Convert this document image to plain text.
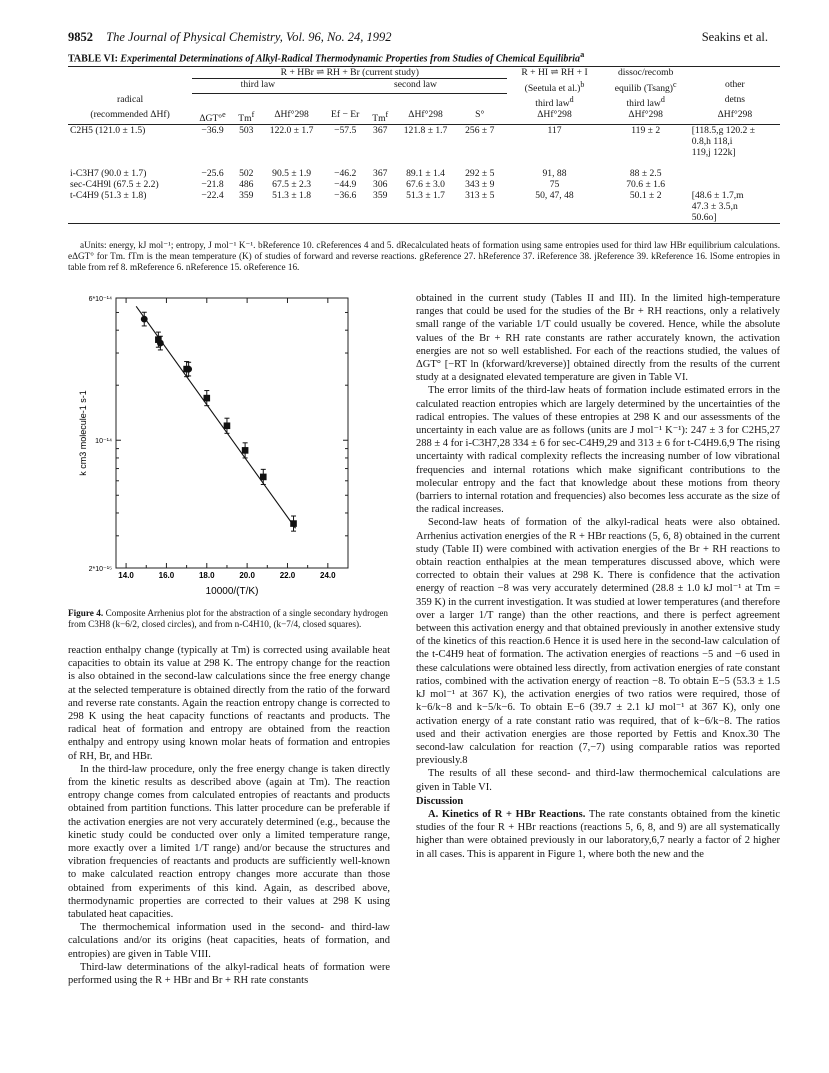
9852 The Journal of Physical Chemistry, Vol. 96, No. 24, 1992	Seakins et al.
TABLE VI: Experimental Determinations of Alkyl-Radical Thermodynamic Properties from Studies of Chemical Equilibria$^a$
	R + HBr ⇌ RH + Br (current study)								R + HI ⇌ RH + I	dissoc/recomb	
	third law			second law					(Seetula et al.)$^b$	equilib (Tsang)$^c$	other
radical									third law$^d$	third law$^d$	detns
(recommended ΔHf)	ΔGT°$^e$	Tm$^f$	ΔHf°298	Ef − Er	Tm$^f$	ΔHf°298	S°		ΔHf°298	ΔHf°298	ΔHf°298
C2H5 (121.0 ± 1.5)	−36.9	503	122.0 ± 1.7	−57.5	367	121.8 ± 1.7	256 ± 7		117	119 ± 2	[118.5,g 120.2 ±
0.8,h 118,i
119,j 122k]

i-C3H7 (90.0 ± 1.7)	−25.6	502	90.5 ± 1.9	−46.2	367	89.1 ± 1.4	292 ± 5		91, 88	88 ± 2.5	
sec-C4H9l (67.5 ± 2.2)	−21.8	486	67.5 ± 2.3	−44.9	306	67.6 ± 3.0	343 ± 9		75	70.6 ± 1.6	
t-C4H9 (51.3 ± 1.8)	−22.4	359	51.3 ± 1.8	−36.6	359	51.3 ± 1.7	313 ± 5		50, 47, 48	50.1 ± 2	[48.6 ± 1.7,m
47.3 ± 3.5,n
50.6o]
aUnits: energy, kJ mol⁻¹; entropy, J mol⁻¹ K⁻¹. bReference 10. cReferences 4 and 5. dRecalculated heats of formation using same entropies used for third law HBr equilibrium calculations. eΔGT° for Tm. fTm is the mean temperature (K) of studies of forward and reverse reactions. gReference 27. hReference 37. iReference 38. jReference 39. kReference 16. lSome entropies in table from ref 8. mReference 6. nReference 15. oReference 16.
14.0	16.0	18.0	20.0	22.0	24.0
6*10⁻¹⁴
10⁻¹⁴
2*10⁻¹⁵
10000/(T/K)
k cm3 molecule-1 s-1
Figure 4. Composite Arrhenius plot for the abstraction of a single secondary hydrogen from C3H8 (k−6/2, closed circles), and from n-C4H10, (k−7/4, closed squares).

reaction enthalpy change (typically at Tm) is corrected using available heat capacities to obtain its value at 298 K. The entropy change for the reaction is also obtained in the second-law calculations since the free energy change at the selected temperature is obtained directly from the ratio of the forward and reverse rate constants. Again the reaction entropy change is corrected to 298 K using the heat capacity functions of reactants and products. The radical heat of formation and entropy are obtained from the reaction enthalpy and entropy using known molar heats of formation and entropies of RH, Br, and HBr.

In the third-law procedure, only the free energy change is taken directly from the kinetic results as described above (again at Tm). The reaction entropy change comes from calculated entropies of reactants and products obtained from partition functions. This latter procedure can be preferable if the activation energies are not very accurately determined (e.g., because the kinetic study could be conducted over only a limited temperature range, more exactly over a limited 1/T range) and/or because the structures and vibration frequencies of reactants and products are sufficiently well-known to make calculated reaction entropy changes more accurate than those obtained from experiments of this kind. Again, as described above, thermodynamic properties are corrected to their values at 298 K using tabulated heat capacities.

The thermochemical information used in the second- and third-law calculations and/or its origins (heat capacities, heats of formation, and entropies) are given in Table VIII.

Third-law determinations of the alkyl-radical heats of formation were performed using the R + HBr and Br + RH rate constants

obtained in the current study (Tables II and III). In the limited high-temperature ranges that could be used for the studies of the Br + RH reactions, only a relatively small range of the variable 1/T could usually be covered. Hence, while the absolute values of the Br + RH rate constants are rather accurately known, the activation energies are not so well established. For each of the reactions studied, the values of ΔGT° [−RT ln (kforward/kreverse)] obtained directly from the results of the current study at a designated elevated temperature are given in Table VI.

The error limits of the third-law heats of formation include estimated errors in the calculated reaction entropies which are largely determined by the uncertainties of the radical entropies. The values of these entropies at 298 K and our assessments of the uncertainty in each value are as follows (units are J mol⁻¹ K⁻¹): 247 ± 3 for C2H5,27 288 ± 4 for i-C3H7,28 334 ± 6 for sec-C4H9,29 and 313 ± 6 for t-C4H9.6,9 The rising uncertainty with radical complexity reflects the increasing number of low vibrational frequencies and internal rotations which make significant contributions to the molecular entropy and the fact that knowledge about these motions from theory (barriers to internal rotation and frequencies) also becomes less accurate as the size of the radical increases.

Second-law heats of formation of the alkyl-radical heats were also obtained. Arrhenius activation energies of the R + HBr reactions (5, 6, 8) obtained in the current study (Table II) were combined with activation energies of the Br + RH reactions to obtain reaction enthalpies at the mean temperatures discussed above, which were corrected to obtain their values at 298 K. There is confidence that the activation energy of reaction −8 was very accurately determined (28.8 ± 1.0 kJ mol⁻¹ at Tm = 359 K) in the current investigation. It was studied at lower temperatures (and therefore over a larger 1/T range) than the other reactions, and there is perfect agreement between this activation energy and that obtained previously in another extensive study of the kinetics of this reaction.6 Hence it is used here in the second-law calculation of the t-C4H9 heat of formation. The activation energies of reactions −5 and −6 used in these calculations were obtained less directly, from activation energies of rate constant ratios, combined with the activation energy of reaction −8. To obtain E−5 (53.3 ± 1.5 kJ mol⁻¹ at 367 K), the activation energies of two ratios were required, those of k−6/k−8 and k−5/k−6. To obtain E−6 (39.7 ± 2.1 kJ mol⁻¹ at 367 K), only one activation energy of a rate constant ratio was required, that of k−6/k−8. The ratios used and their activation energies are those reported by Fettis and Knox.30 The second-law calculation for reaction (7,−7) using comparable ratios was reported previously.8

The results of all these second- and third-law thermochemical calculations are given in Table VI.

Discussion

A. Kinetics of R + HBr Reactions. The rate constants obtained from the kinetic studies of the four R + HBr reactions (reactions 5, 6, 8, and 9) are all systematically higher than were obtained previously in our laboratory,6,7 nearly a factor of 2 higher in all cases. This is apparent in Figure 1, where both the new and the
